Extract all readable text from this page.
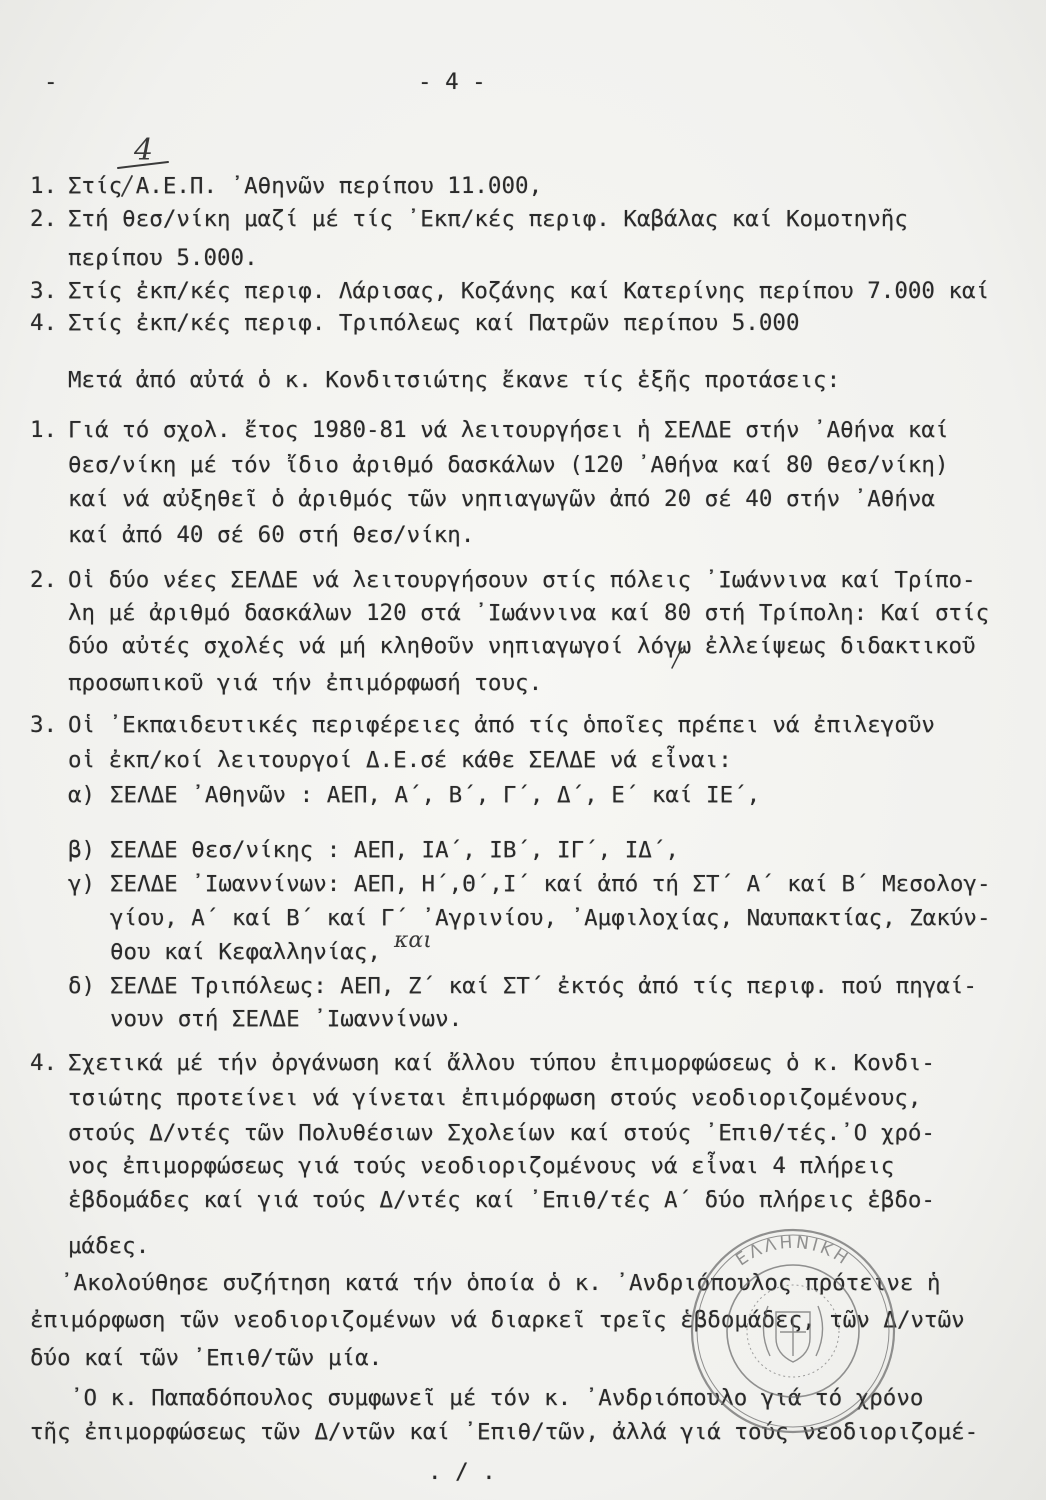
-	- 4 -
4
1. Στίς Α.Ε.Π. ᾿Αθηνῶν περίπου 11.000,
2. Στή θεσ/νίκη μαζί μέ τίς ᾿Εκπ/κές περιφ. Καβάλας καί Κομοτηνῆς
περίπου 5.000.
3. Στίς ἐκπ/κές περιφ. Λάρισας, Κοζάνης καί Κατερίνης περίπου 7.000 καί
4. Στίς ἐκπ/κές περιφ. Τριπόλεως καί Πατρῶν περίπου 5.000
Μετά ἀπό αὐτά ὁ κ. Κονδιτσιώτης ἔκανε τίς ἑξῆς προτάσεις:
1. Γιά τό σχολ. ἔτος 1980-81 νά λειτουργήσει ἡ ΣΕΛΔΕ στήν ᾿Αθήνα καί
θεσ/νίκη μέ τόν ἴδιο ἀριθμό δασκάλων (120 ᾿Αθήνα καί 80 θεσ/νίκη)
καί νά αὐξηθεῖ ὁ ἀριθμός τῶν νηπιαγωγῶν ἀπό 20 σέ 40 στήν ᾿Αθήνα
καί ἀπό 40 σέ 60 στή θεσ/νίκη.
2. Οἱ δύο νέες ΣΕΛΔΕ νά λειτουργήσουν στίς πόλεις ᾿Ιωάννινα καί Τρίπο-
λη μέ ἀριθμό δασκάλων 120 στά ᾿Ιωάννινα καί 80 στή Τρίπολη: Καί στίς
δύο αὐτές σχολές νά μή κληθοῦν νηπιαγωγοί λόγω ἐλλείψεως διδακτικοῦ
προσωπικοῦ γιά τήν ἐπιμόρφωσή τους.
3. Οἱ ᾿Εκπαιδευτικές περιφέρειες ἀπό τίς ὁποῖες πρέπει νά ἐπιλεγοῦν
οἱ ἐκπ/κοί λειτουργοί Δ.Ε.σέ κάθε ΣΕΛΔΕ νά εἶναι:
α) ΣΕΛΔΕ ᾿Αθηνῶν : ΑΕΠ, Α΄, Β΄, Γ΄, Δ΄, Ε΄ καί ΙΕ΄,
β) ΣΕΛΔΕ θεσ/νίκης : ΑΕΠ, ΙΑ΄, ΙΒ΄, ΙΓ΄, ΙΔ΄,
γ) ΣΕΛΔΕ ᾿Ιωαννίνων: ΑΕΠ, Η΄,Θ΄,Ι΄ καί ἀπό τή ΣΤ΄ Α΄ καί Β΄ Μεσολογ-
γίου, Α΄ καί Β΄ καί Γ΄ ᾿Αγρινίου, ᾿Αμφιλοχίας, Ναυπακτίας, Ζακύν-
θου καί Κεφαλληνίας, και
δ) ΣΕΛΔΕ Τριπόλεως: ΑΕΠ, Ζ΄ καί ΣΤ΄ ἐκτός ἀπό τίς περιφ. πού πηγαί-
νουν στή ΣΕΛΔΕ ᾿Ιωαννίνων.
4. Σχετικά μέ τήν ὀργάνωση καί ἄλλου τύπου ἐπιμορφώσεως ὁ κ. Κονδι-
τσιώτης προτείνει νά γίνεται ἐπιμόρφωση στούς νεοδιοριζομένους,
στούς Δ/ντές τῶν Πολυθέσιων Σχολείων καί στούς ᾿Επιθ/τές.᾿Ο χρό-
νος ἐπιμορφώσεως γιά τούς νεοδιοριζομένους νά εἶναι 4 πλήρεις
ἑβδομάδες καί γιά τούς Δ/ντές καί ᾿Επιθ/τές Α΄ δύο πλήρεις ἑβδο-
μάδες.
᾿Ακολούθησε συζήτηση κατά τήν ὁποία ὁ κ. ᾿Ανδριόπουλος πρότεινε ἡ
ἐπιμόρφωση τῶν νεοδιοριζομένων νά διαρκεῖ τρεῖς ἑβδομάδες, τῶν Δ/ντῶν
δύο καί τῶν ᾿Επιθ/τῶν μία.
᾿Ο κ. Παπαδόπουλος συμφωνεῖ μέ τόν κ. ᾿Ανδριόπουλο γιά τό χρόνο
τῆς ἐπιμορφώσεως τῶν Δ/ντῶν καί ᾿Επιθ/τῶν, ἀλλά γιά τούς νεοδιοριζομέ-
. / .
ΕΛΛΗΝΙΚΗ
